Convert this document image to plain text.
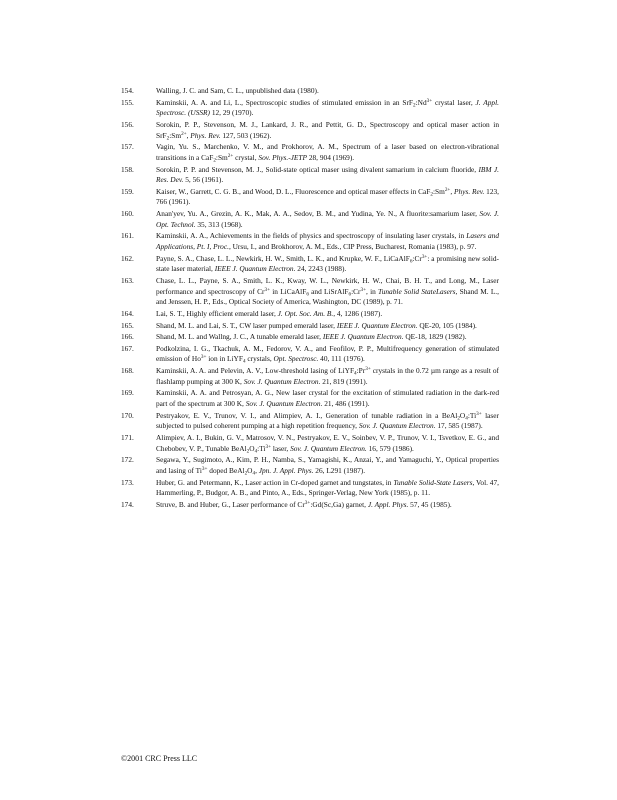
154.	Walling, J. C. and Sam, C. L., unpublished data (1980).
155.	Kaminskii, A. A. and Li, L., Spectroscopic studies of stimulated emission in an $SrF_2:Nd^{3+}$ crystal laser, J. Appl. Spectrosc. (USSR) 12, 29 (1970).
156.	Sorokin, P. P., Stevenson, M. J., Lankard, J. R., and Pettit, G. D., Spectroscopy and optical maser action in $SrF_2:Sm^{2+}$, Phys. Rev. 127, 503 (1962).
157.	Vagin, Yu. S., Marchenko, V. M., and Prokhorov, A. M., Spectrum of a laser based on electron-vibrational transitions in a $CaF_2:Sm^{2+}$ crystal, Sov. Phys.-JETP 28, 904 (1969).
158.	Sorokin, P. P. and Stevenson, M. J., Solid-state optical maser using divalent samarium in calcium fluoride, IBM J. Res. Dev. 5, 56 (1961).
159.	Kaiser, W., Garrett, C. G. B., and Wood, D. L., Fluorescence and optical maser effects in $CaF_2:Sm^{2+}$, Phys. Rev. 123, 766 (1961).
160.	Anan'yev, Yu. A., Grezin, A. K., Mak, A. A., Sedov, B. M., and Yudina, Ye. N., A fluorite:samarium laser, Sov. J. Opt. Technol. 35, 313 (1968).
161.	Kaminskii, A. A., Achievements in the fields of physics and spectroscopy of insulating laser crystals, in Lasers and Applications, Pt. I, Proc., Ursu, I., and Brokhorov, A. M., Eds., CIP Press, Bucharest, Romania (1983), p. 97.
162.	Payne, S. A., Chase, L. L., Newkirk, H. W., Smith, L. K., and Krupke, W. F., $LiCaAlF_6:Cr^{3+}$: a promising new solid-state laser material, IEEE J. Quantum Electron. 24, 2243 (1988).
163.	Chase, L. L., Payne, S. A., Smith, L. K., Kway, W. L., Newkirk, H. W., Chai, B. H. T., and Long, M., Laser performance and spectroscopy of $Cr^{3+}$ in LiCaAlF$_6$ and $LiSrAlF_6:Cr^{3+}$, in Tunable Solid StateLasers, Shand M. L., and Jenssen, H. P., Eds., Optical Society of America, Washington, DC (1989), p. 71.
164.	Lai, S. T., Highly efficient emerald laser, J. Opt. Soc. Am. B., 4, 1286 (1987).
165.	Shand, M. L. and Lai, S. T., CW laser pumped emerald laser, IEEE J. Quantum Electron. QE-20, 105 (1984).
166.	Shand, M. L. and Wallng, J. C., A tunable emerald laser, IEEE J. Quantum Electron. QE-18, 1829 (1982).
167.	Podkolzina, I. G., Tkachuk, A. M., Fedorov, V. A., and Feofilov, P. P., Multifrequency generation of stimulated emission of $Ho^{3+}$ ion in LiYF$_4$ crystals, Opt. Spectrosc. 40, 111 (1976).
168.	Kaminskii, A. A. and Pelevin, A. V., Low-threshold lasing of $LiYF_4:Pr^{3+}$ crystals in the 0.72 µm range as a result of flashlamp pumping at 300 K, Sov. J. Quantum Electron. 21, 819 (1991).
169.	Kaminskii, A. A. and Petrosyan, A. G., New laser crystal for the excitation of stimulated radiation in the dark-red part of the spectrum at 300 K, Sov. J. Quantum Electron. 21, 486 (1991).
170.	Pestryakov, E. V., Trunov, V. I., and Alimpiev, A. I., Generation of tunable radiation in a $BeAl_2O_4:Ti^{3+}$ laser subjected to pulsed coherent pumping at a high repetition frequency, Sov. J. Quantum Electron. 17, 585 (1987).
171.	Alimpiev, A. I., Bukin, G. V., Matrosov, V. N., Pestryakov, E. V., Soinbev, V. P., Trunov, V. I., Tsvetkov, E. G., and Chebobev, V. P., Tunable $BeAl_2O_4:Ti^{3+}$ laser, Sov. J. Quantum Electron. 16, 579 (1986).
172.	Segawa, Y., Sugimoto, A., Kim, P. H., Namba, S., Yamagishi, K., Anzai, Y., and Yamaguchi, Y., Optical properties and lasing of $Ti^{3+}$ doped $BeAl_2O_4$, Jpn. J. Appl. Phys. 26, L291 (1987).
173.	Huber, G. and Petermann, K., Laser action in Cr-doped garnet and tungstates, in Tunable Solid-State Lasers, Vol. 47, Hammerling, P., Budgor, A. B., and Pinto, A., Eds., Springer-Verlag, New York (1985), p. 11.
174.	Struve, B. and Huber, G., Laser performance of $Cr^{3+}:Gd(Sc,Ga)$ garnet, J. Appl. Phys. 57, 45 (1985).
©2001 CRC Press LLC
